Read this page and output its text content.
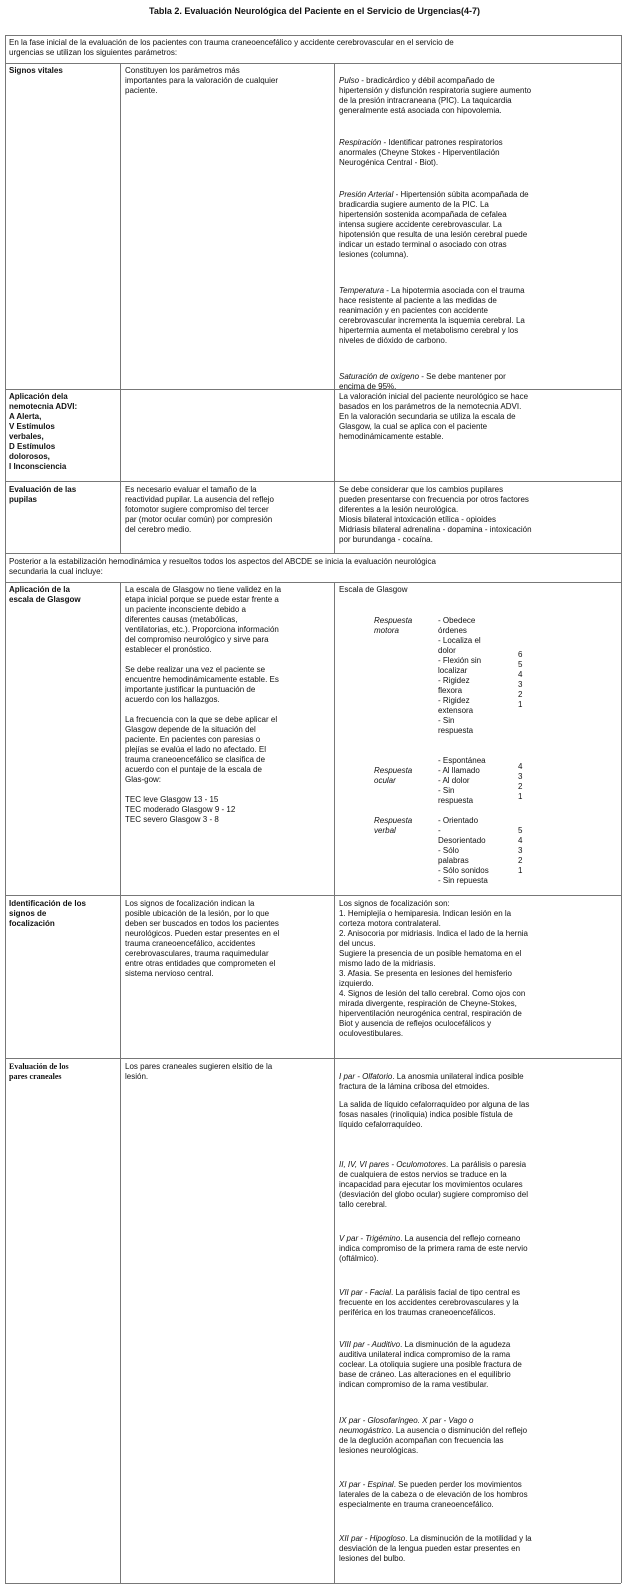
Tabla 2. Evaluación Neurológica del Paciente en el Servicio de Urgencias(4-7)
En la fase inicial de la evaluación de los pacientes con trauma craneoencefálico y accidente cerebrovascular en el servicio de
urgencias se utilizan los siguientes parámetros:
Posterior a la estabilización hemodinámica y resueltos todos los aspectos del ABCDE se inicia la evaluación neurológica
secundaria la cual incluye:
Signos vitales	Constituyen los parámetros más
importantes para la valoración de cualquier
paciente.

Pulso - bradicárdico y débil acompañado de
hipertensión y disfunción respiratoria sugiere aumento
de la presión intracraneana (PIC). La taquicardia
generalmente está asociada con hipovolemia.

Respiración - Identificar patrones respiratorios
anormales (Cheyne Stokes - Hiperventilación
Neurogénica Central - Biot).

Presión Arterial - Hipertensión súbita acompañada de
bradicardia sugiere aumento de la PIC. La
hipertensión sostenida acompañada de cefalea
intensa sugiere accidente cerebrovascular. La
hipotensión que resulta de una lesión cerebral puede
indicar un estado terminal o asociado con otras
lesiones (columna).

Temperatura - La hipotermia asociada con el trauma
hace resistente al paciente a las medidas de
reanimación y en pacientes con accidente
cerebrovascular incrementa la isquemia cerebral. La
hipertermia aumenta el metabolismo cerebral y los
niveles de dióxido de carbono.

Saturación de oxígeno - Se debe mantener por
encima de 95%.

Aplicación dela
nemotecnia ADVI:
A Alerta,
V Estímulos
verbales,
D Estímulos
dolorosos,
I Inconsciencia
La valoración inicial del paciente neurológico se hace
basados en los parámetros de la nemotecnia ADVI.
En la valoración secundaria se utiliza la escala de
Glasgow, la cual se aplica con el paciente
hemodinámicamente estable.
Evaluación de las
pupilas
Es necesario evaluar el tamaño de la
reactividad pupilar. La ausencia del reflejo
fotomotor sugiere compromiso del tercer
par (motor ocular común) por compresión
del cerebro medio.
Se debe considerar que los cambios pupilares
pueden presentarse con frecuencia por otros factores
diferentes a la lesión neurológica.
Miosis bilateral intoxicación etílica - opioides
Midriasis bilateral adrenalina - dopamina - intoxicación
por burundanga - cocaína.
Aplicación de la
escala de Glasgow
La escala de Glasgow no tiene validez en la
etapa inicial porque se puede estar frente a
un paciente inconsciente debido a
diferentes causas (metabólicas,
ventilatorias, etc.). Proporciona información
del compromiso neurológico y sirve para
establecer el pronóstico.

Se debe realizar una vez el paciente se
encuentre hemodinámicamente estable. Es
importante justificar la puntuación de
acuerdo con los hallazgos.

La frecuencia con la que se debe aplicar el
Glasgow depende de la situación del
paciente. En pacientes con paresias o
plejías se evalúa el lado no afectado. El
trauma craneoencefálico se clasifica de
acuerdo con el puntaje de la escala de
Glas-gow:

TEC leve Glasgow 13 - 15
TEC moderado Glasgow 9 - 12
TEC severo Glasgow 3 - 8
Escala de Glasgow
Respuesta
motora
- Obedece
órdenes
- Localiza el
dolor
- Flexión sin
localizar
- Rigidez
flexora
- Rigidez
extensora
- Sin
respuesta
6
5
4
3
2
1
Respuesta
ocular
- Espontánea
- Al llamado
- Al dolor
- Sin
respuesta
4
3
2
1
Respuesta
verbal
- Orientado
-
Desorientado
- Sólo
palabras
- Sólo sonidos
- Sin repuesta
5
4
3
2
1
Identificación de los
signos de
focalización
Los signos de focalización indican la
posible ubicación de la lesión, por lo que
deben ser buscados en todos los pacientes
neurológicos. Pueden estar presentes en el
trauma craneoencefálico, accidentes
cerebrovasculares, trauma raquimedular
entre otras entidades que comprometen el
sistema nervioso central.
Los signos de focalización son:
1. Hemiplejía o hemiparesia. Indican lesión en la
corteza motora contralateral.
2. Anisocoria por midriasis. Indica el lado de la hernia
del uncus.
Sugiere la presencia de un posible hematoma en el
mismo lado de la midriasis.
3. Afasia. Se presenta en lesiones del hemisferio
izquierdo.
4. Signos de lesión del tallo cerebral. Como ojos con
mirada divergente, respiración de Cheyne-Stokes,
hiperventilación neurogénica central, respiración de
Biot y ausencia de reflejos oculocefálicos y
oculovestibulares.
Evaluación de los
pares craneales
Los pares craneales sugieren elsitio de la
lesión.	I par - Olfatorio. La anosmia unilateral indica posible
fractura de la lámina cribosa del etmoides.

La salida de líquido cefalorraquídeo por alguna de las
fosas nasales (rinoliquia) indica posible fístula de
líquido cefalorraquídeo.

II, IV, VI pares - Oculomotores. La parálisis o paresia
de cualquiera de estos nervios se traduce en la
incapacidad para ejecutar los movimientos oculares
(desviación del globo ocular) sugiere compromiso del
tallo cerebral.

V par - Trigémino. La ausencia del reflejo corneano
indica compromiso de la primera rama de este nervio
(oftálmico).

VII par - Facial. La parálisis facial de tipo central es
frecuente en los accidentes cerebrovasculares y la
periférica en los traumas craneoencefálicos.

VIII par - Auditivo. La disminución de la agudeza
auditiva unilateral indica compromiso de la rama
coclear. La otoliquia sugiere una posible fractura de
base de cráneo. Las alteraciones en el equilibrio
indican compromiso de la rama vestibular.

IX par - Glosofaríngeo. X par - Vago o
neumogástrico. La ausencia o disminución del reflejo
de la deglución acompañan con frecuencia las
lesiones neurológicas.

XI par - Espinal. Se pueden perder los movimientos
laterales de la cabeza o de elevación de los hombros
especialmente en trauma craneoencefálico.

XII par - Hipogloso. La disminución de la motilidad y la
desviación de la lengua pueden estar presentes en
lesiones del bulbo.
